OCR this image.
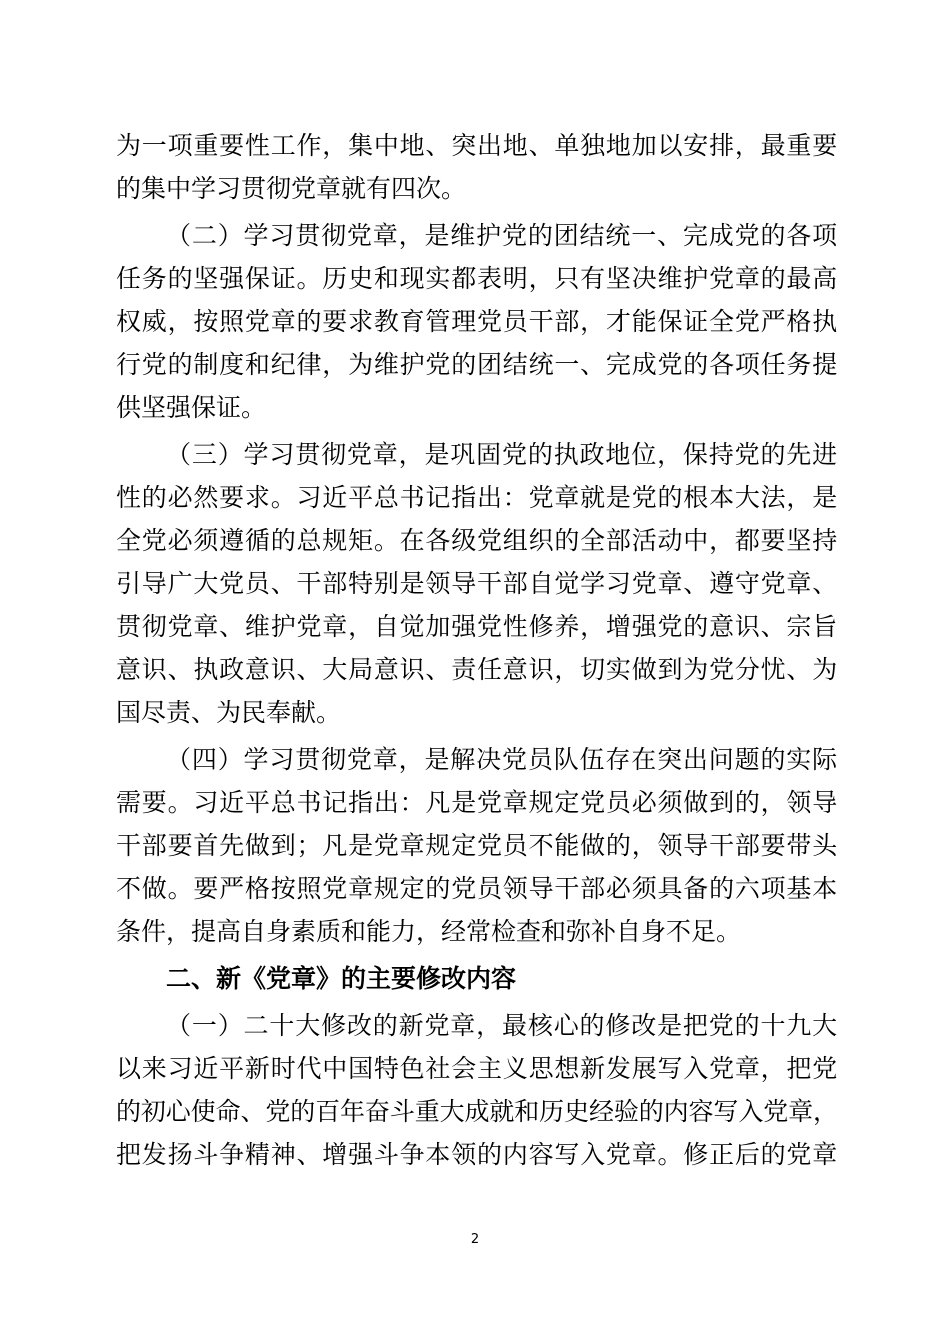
为一项重要性工作，集中地、突出地、单独地加以安排，最重要
的集中学习贯彻党章就有四次。
（二）学习贯彻党章，是维护党的团结统一、完成党的各项
任务的坚强保证。历史和现实都表明，只有坚决维护党章的最高
权威，按照党章的要求教育管理党员干部，才能保证全党严格执
行党的制度和纪律，为维护党的团结统一、完成党的各项任务提
供坚强保证。
（三）学习贯彻党章，是巩固党的执政地位，保持党的先进
性的必然要求。习近平总书记指出：党章就是党的根本大法，是
全党必须遵循的总规矩。在各级党组织的全部活动中，都要坚持
引导广大党员、干部特别是领导干部自觉学习党章、遵守党章、
贯彻党章、维护党章，自觉加强党性修养，增强党的意识、宗旨
意识、执政意识、大局意识、责任意识，切实做到为党分忧、为
国尽责、为民奉献。
（四）学习贯彻党章，是解决党员队伍存在突出问题的实际
需要。习近平总书记指出：凡是党章规定党员必须做到的，领导
干部要首先做到；凡是党章规定党员不能做的，领导干部要带头
不做。要严格按照党章规定的党员领导干部必须具备的六项基本
条件，提高自身素质和能力，经常检查和弥补自身不足。
二、新《党章》的主要修改内容
（一）二十大修改的新党章，最核心的修改是把党的十九大
以来习近平新时代中国特色社会主义思想新发展写入党章，把党
的初心使命、党的百年奋斗重大成就和历史经验的内容写入党章，
把发扬斗争精神、增强斗争本领的内容写入党章。修正后的党章
2
